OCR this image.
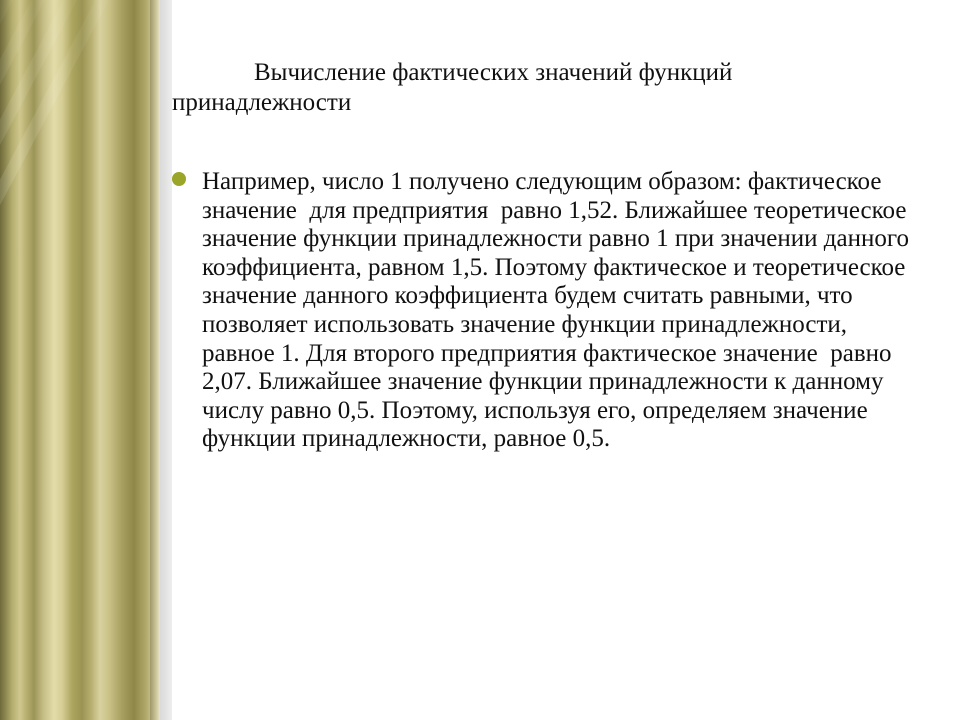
Вычисление фактических значений функций принадлежности
Например, число 1 получено следующим образом: фактическое значение  для предприятия  равно 1,52. Ближайшее теоретическое значение функции принадлежности равно 1 при значении данного коэффициента, равном 1,5. Поэтому фактическое и теоретическое значение данного коэффициента будем считать равными, что позволяет использовать значение функции принадлежности, равное 1. Для второго предприятия фактическое значение  равно 2,07. Ближайшее значение функции принадлежности к данному числу равно 0,5. Поэтому, используя его, определяем значение функции принадлежности, равное 0,5.
